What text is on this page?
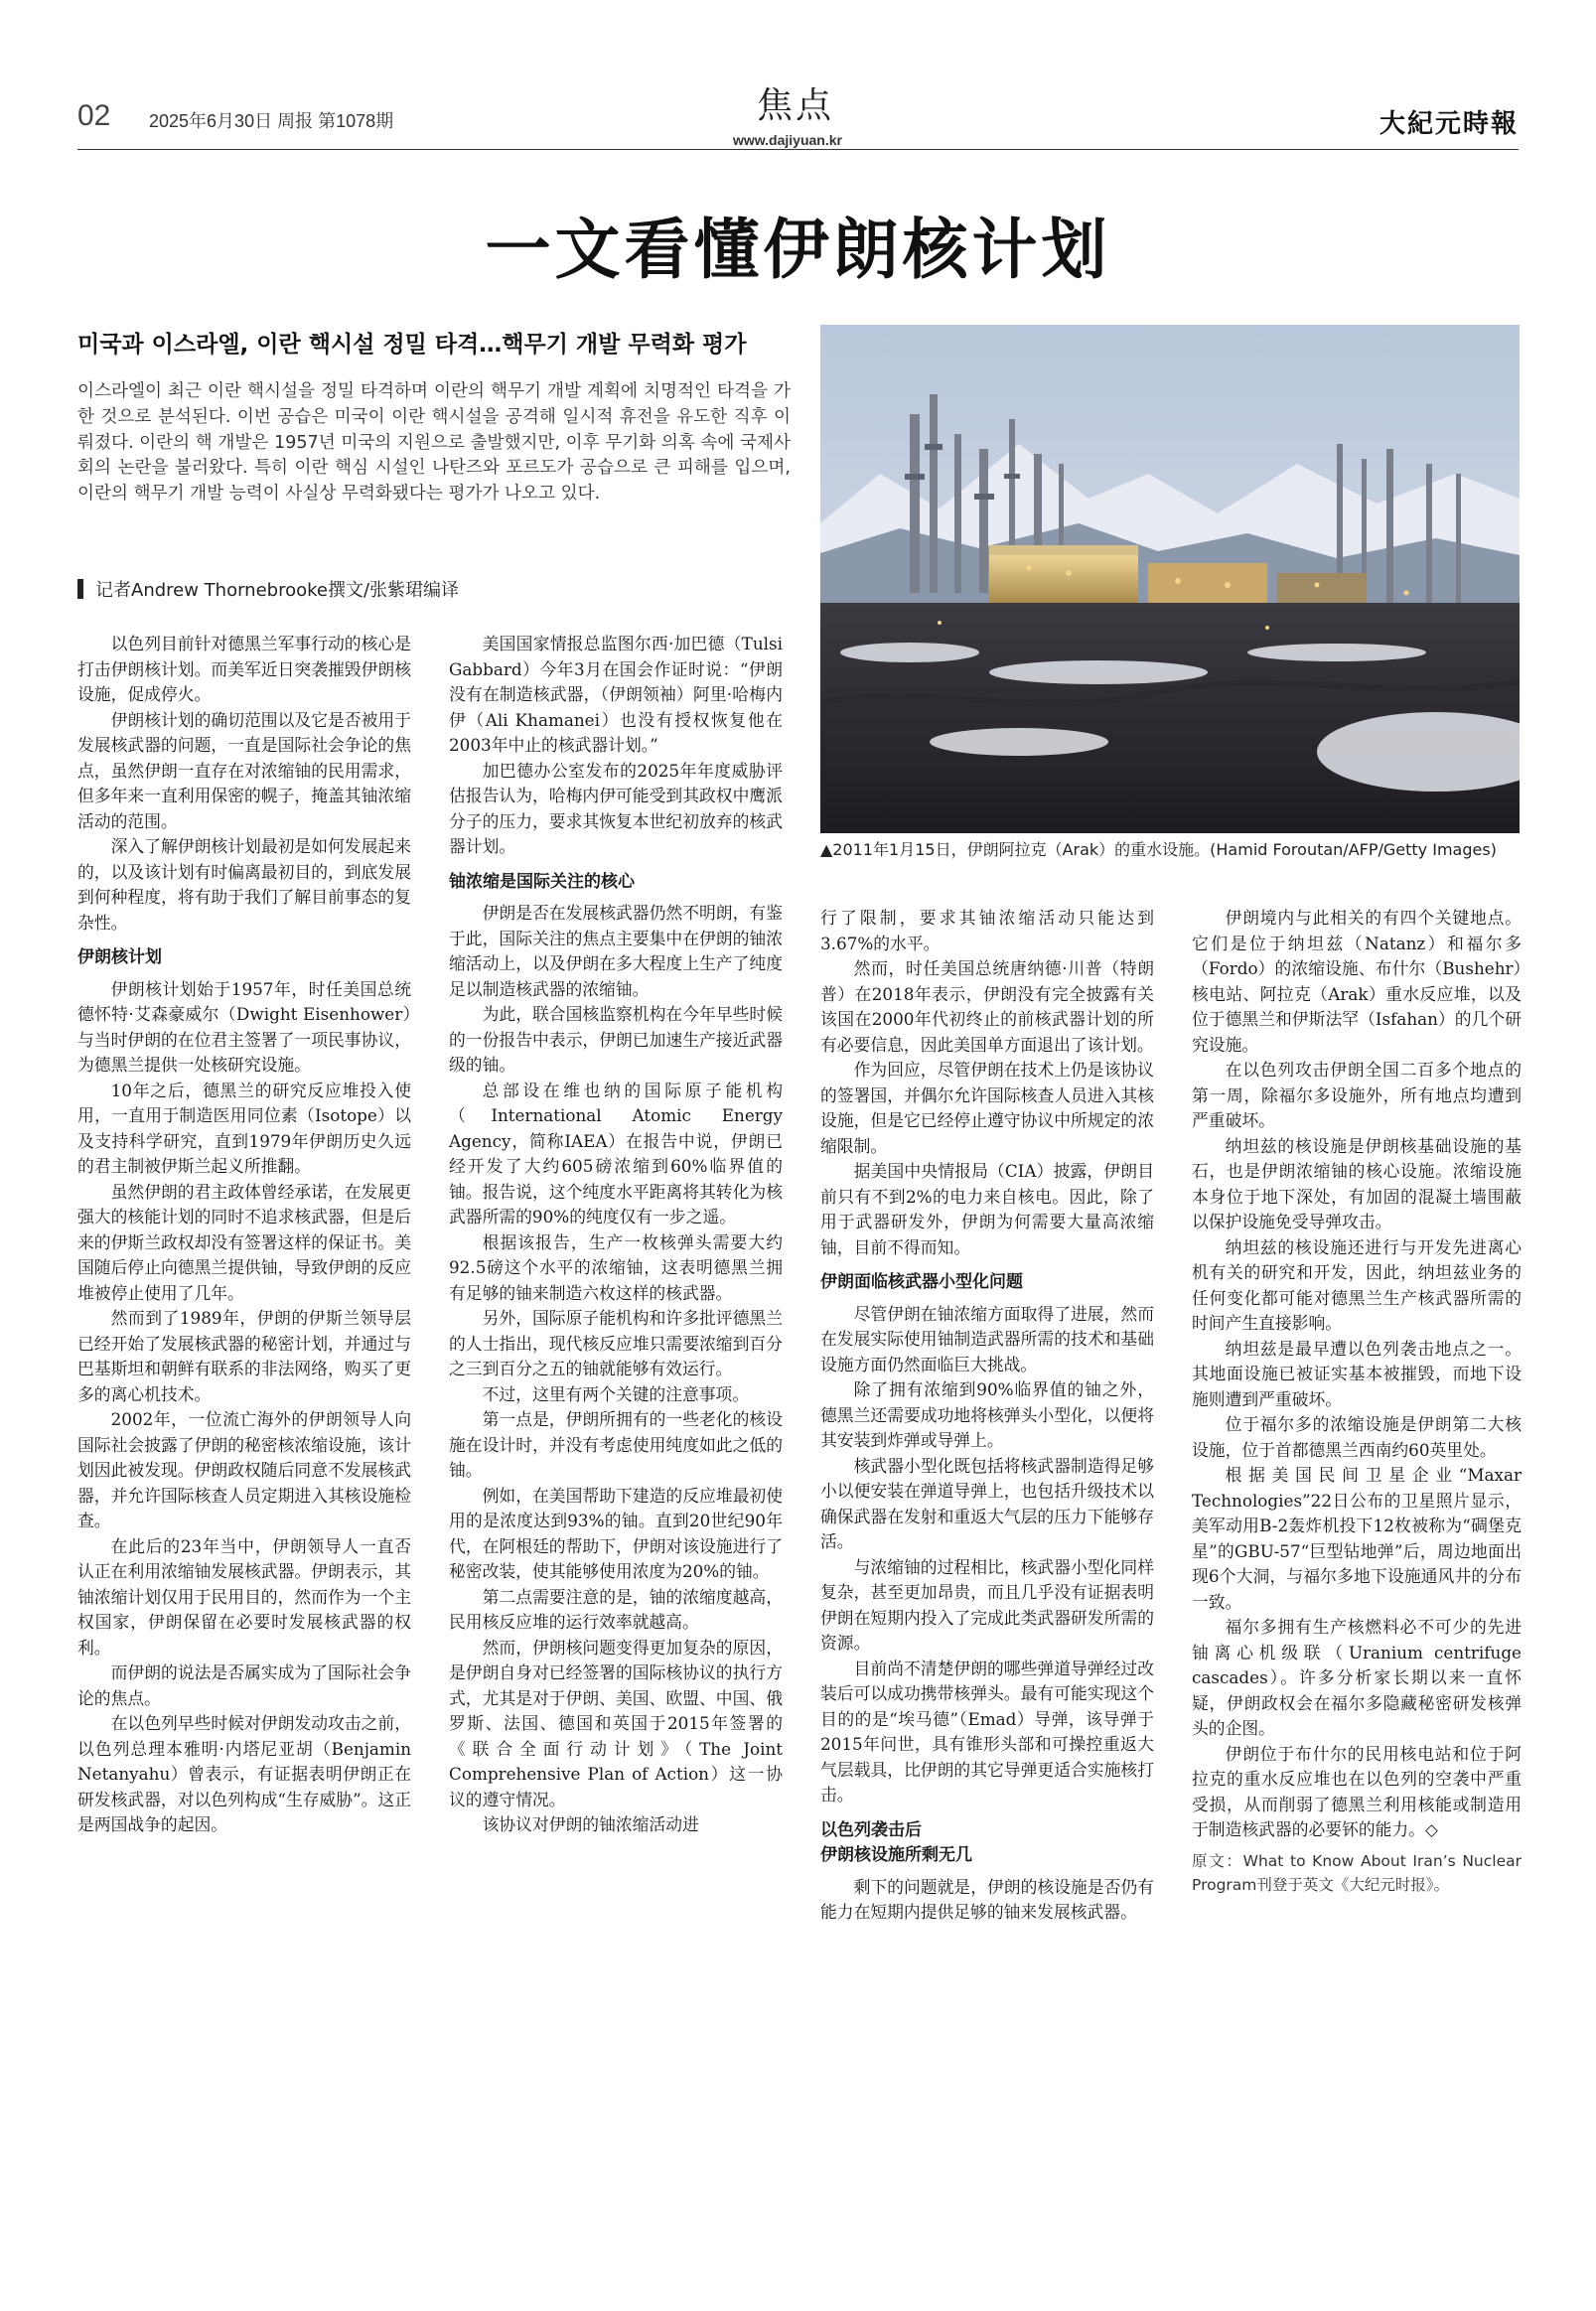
02 2025年6月30日 周报 第1078期	焦点
www.dajiyuan.kr
大紀元時報
一文看懂伊朗核计划
미국과 이스라엘, 이란 핵시설 정밀 타격…핵무기 개발 무력화 평가
이스라엘이 최근 이란 핵시설을 정밀 타격하며 이란의 핵무기 개발 계획에 치명적인 타격을 가한 것으로 분석된다. 이번 공습은 미국이 이란 핵시설을 공격해 일시적 휴전을 유도한 직후 이뤄졌다. 이란의 핵 개발은 1957년 미국의 지원으로 출발했지만, 이후 무기화 의혹 속에 국제사회의 논란을 불러왔다. 특히 이란 핵심 시설인 나탄즈와 포르도가 공습으로 큰 피해를 입으며, 이란의 핵무기 개발 능력이 사실상 무력화됐다는 평가가 나오고 있다.
记者Andrew Thornebrooke撰文/张紫珺编译
▲2011年1月15日，伊朗阿拉克（Arak）的重水设施。(Hamid Foroutan/AFP/Getty Images)

以色列目前针对德黑兰军事行动的核心是打击伊朗核计划。而美军近日突袭摧毁伊朗核设施，促成停火。

伊朗核计划的确切范围以及它是否被用于发展核武器的问题，一直是国际社会争论的焦点，虽然伊朗一直存在对浓缩铀的民用需求，但多年来一直利用保密的幌子，掩盖其铀浓缩活动的范围。

深入了解伊朗核计划最初是如何发展起来的，以及该计划有时偏离最初目的，到底发展到何种程度，将有助于我们了解目前事态的复杂性。

伊朗核计划

伊朗核计划始于1957年，时任美国总统德怀特·艾森豪威尔（Dwight Eisenhower）与当时伊朗的在位君主签署了一项民事协议，为德黑兰提供一处核研究设施。

10年之后，德黑兰的研究反应堆投入使用，一直用于制造医用同位素（Isotope）以及支持科学研究，直到1979年伊朗历史久远的君主制被伊斯兰起义所推翻。

虽然伊朗的君主政体曾经承诺，在发展更强大的核能计划的同时不追求核武器，但是后来的伊斯兰政权却没有签署这样的保证书。美国随后停止向德黑兰提供铀，导致伊朗的反应堆被停止使用了几年。

然而到了1989年，伊朗的伊斯兰领导层已经开始了发展核武器的秘密计划，并通过与巴基斯坦和朝鲜有联系的非法网络，购买了更多的离心机技术。

2002年，一位流亡海外的伊朗领导人向国际社会披露了伊朗的秘密核浓缩设施，该计划因此被发现。伊朗政权随后同意不发展核武器，并允许国际核查人员定期进入其核设施检查。

在此后的23年当中，伊朗领导人一直否认正在利用浓缩铀发展核武器。伊朗表示，其铀浓缩计划仅用于民用目的，然而作为一个主权国家，伊朗保留在必要时发展核武器的权利。

而伊朗的说法是否属实成为了国际社会争论的焦点。

在以色列早些时候对伊朗发动攻击之前，以色列总理本雅明·内塔尼亚胡（Benjamin Netanyahu）曾表示，有证据表明伊朗正在研发核武器，对以色列构成“生存威胁”。这正是两国战争的起因。

美国国家情报总监图尔西·加巴德（Tulsi Gabbard）今年3月在国会作证时说：“伊朗没有在制造核武器，（伊朗领袖）阿里·哈梅内伊（Ali Khamanei）也没有授权恢复他在2003年中止的核武器计划。”

加巴德办公室发布的2025年年度威胁评估报告认为，哈梅内伊可能受到其政权中鹰派分子的压力，要求其恢复本世纪初放弃的核武器计划。

铀浓缩是国际关注的核心

伊朗是否在发展核武器仍然不明朗，有鉴于此，国际关注的焦点主要集中在伊朗的铀浓缩活动上，以及伊朗在多大程度上生产了纯度足以制造核武器的浓缩铀。

为此，联合国核监察机构在今年早些时候的一份报告中表示，伊朗已加速生产接近武器级的铀。

总部设在维也纳的国际原子能机构（International Atomic Energy Agency，简称IAEA）在报告中说，伊朗已经开发了大约605磅浓缩到60%临界值的铀。报告说，这个纯度水平距离将其转化为核武器所需的90%的纯度仅有一步之遥。

根据该报告，生产一枚核弹头需要大约92.5磅这个水平的浓缩铀，这表明德黑兰拥有足够的铀来制造六枚这样的核武器。

另外，国际原子能机构和许多批评德黑兰的人士指出，现代核反应堆只需要浓缩到百分之三到百分之五的铀就能够有效运行。

不过，这里有两个关键的注意事项。

第一点是，伊朗所拥有的一些老化的核设施在设计时，并没有考虑使用纯度如此之低的铀。

例如，在美国帮助下建造的反应堆最初使用的是浓度达到93%的铀。直到20世纪90年代，在阿根廷的帮助下，伊朗对该设施进行了秘密改装，使其能够使用浓度为20%的铀。

第二点需要注意的是，铀的浓缩度越高，民用核反应堆的运行效率就越高。

然而，伊朗核问题变得更加复杂的原因，是伊朗自身对已经签署的国际核协议的执行方式，尤其是对于伊朗、美国、欧盟、中国、俄罗斯、法国、德国和英国于2015年签署的《联合全面行动计划》（The Joint Comprehensive Plan of Action）这一协议的遵守情况。

该协议对伊朗的铀浓缩活动进

行了限制，要求其铀浓缩活动只能达到3.67%的水平。

然而，时任美国总统唐纳德·川普（特朗普）在2018年表示，伊朗没有完全披露有关该国在2000年代初终止的前核武器计划的所有必要信息，因此美国单方面退出了该计划。

作为回应，尽管伊朗在技术上仍是该协议的签署国，并偶尔允许国际核查人员进入其核设施，但是它已经停止遵守协议中所规定的浓缩限制。

据美国中央情报局（CIA）披露，伊朗目前只有不到2%的电力来自核电。因此，除了用于武器研发外，伊朗为何需要大量高浓缩铀，目前不得而知。

伊朗面临核武器小型化问题

尽管伊朗在铀浓缩方面取得了进展，然而在发展实际使用铀制造武器所需的技术和基础设施方面仍然面临巨大挑战。

除了拥有浓缩到90%临界值的铀之外，德黑兰还需要成功地将核弹头小型化，以便将其安装到炸弹或导弹上。

核武器小型化既包括将核武器制造得足够小以便安装在弹道导弹上，也包括升级技术以确保武器在发射和重返大气层的压力下能够存活。

与浓缩铀的过程相比，核武器小型化同样复杂，甚至更加昂贵，而且几乎没有证据表明伊朗在短期内投入了完成此类武器研发所需的资源。

目前尚不清楚伊朗的哪些弹道导弹经过改装后可以成功携带核弹头。最有可能实现这个目的的是“埃马德”（Emad）导弹，该导弹于2015年问世，具有锥形头部和可操控重返大气层载具，比伊朗的其它导弹更适合实施核打击。

以色列袭击后
伊朗核设施所剩无几

剩下的问题就是，伊朗的核设施是否仍有能力在短期内提供足够的铀来发展核武器。

伊朗境内与此相关的有四个关键地点。它们是位于纳坦兹（Natanz）和福尔多（Fordo）的浓缩设施、布什尔（Bushehr）核电站、阿拉克（Arak）重水反应堆，以及位于德黑兰和伊斯法罕（Isfahan）的几个研究设施。

在以色列攻击伊朗全国二百多个地点的第一周，除福尔多设施外，所有地点均遭到严重破坏。

纳坦兹的核设施是伊朗核基础设施的基石，也是伊朗浓缩铀的核心设施。浓缩设施本身位于地下深处，有加固的混凝土墙围蔽以保护设施免受导弹攻击。

纳坦兹的核设施还进行与开发先进离心机有关的研究和开发，因此，纳坦兹业务的任何变化都可能对德黑兰生产核武器所需的时间产生直接影响。

纳坦兹是最早遭以色列袭击地点之一。其地面设施已被证实基本被摧毁，而地下设施则遭到严重破坏。

位于福尔多的浓缩设施是伊朗第二大核设施，位于首都德黑兰西南约60英里处。

根据美国民间卫星企业“Maxar Technologies”22日公布的卫星照片显示，美军动用B-2轰炸机投下12枚被称为“碉堡克星”的GBU-57“巨型钻地弹”后，周边地面出现6个大洞，与福尔多地下设施通风井的分布一致。

福尔多拥有生产核燃料必不可少的先进铀离心机级联（Uranium centrifuge cascades）。许多分析家长期以来一直怀疑，伊朗政权会在福尔多隐藏秘密研发核弹头的企图。

伊朗位于布什尔的民用核电站和位于阿拉克的重水反应堆也在以色列的空袭中严重受损，从而削弱了德黑兰利用核能或制造用于制造核武器的必要钚的能力。◇

原文：What to Know About Iran’s Nuclear Program刊登于英文《大纪元时报》。
